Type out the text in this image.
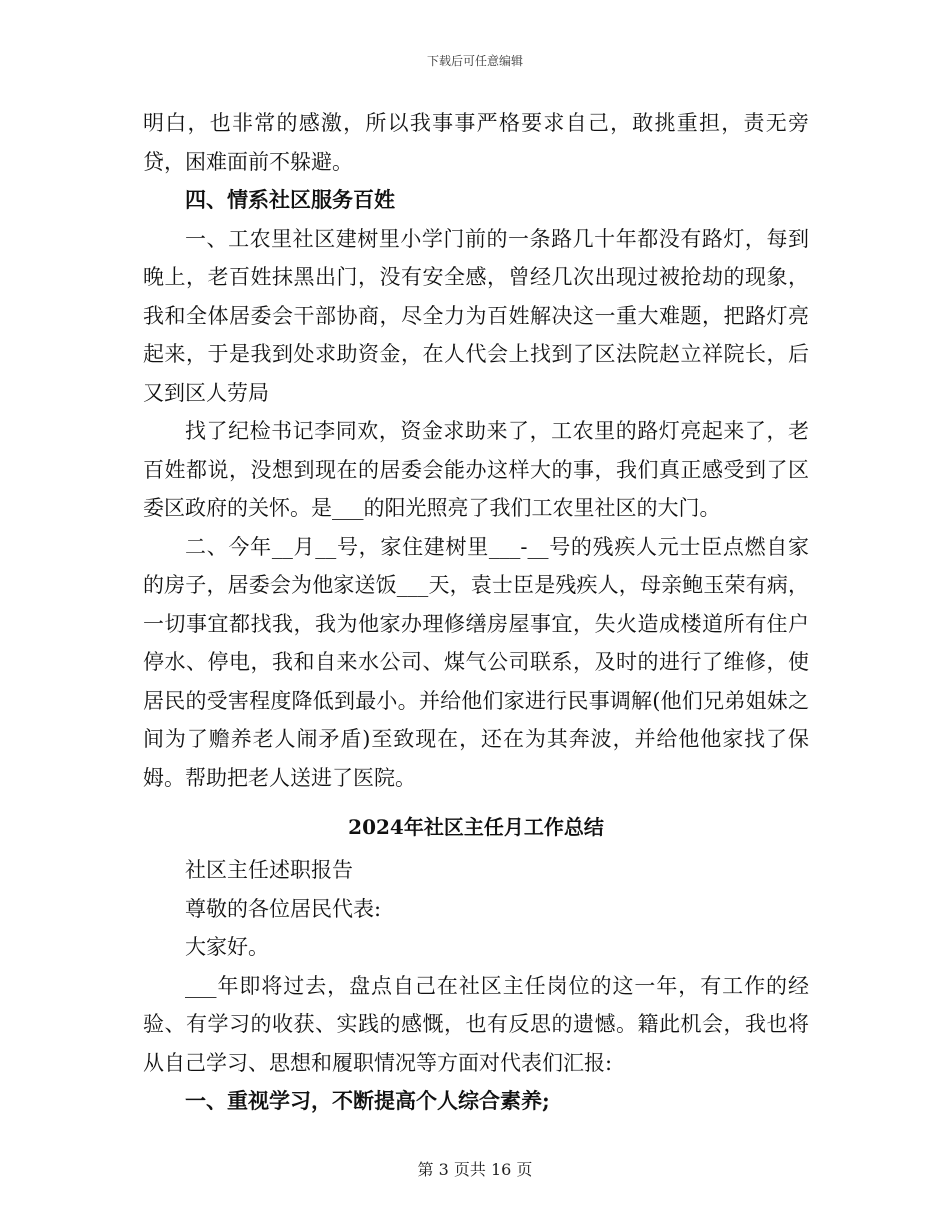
下载后可任意编辑

明白，也非常的感激，所以我事事严格要求自己，敢挑重担，责无旁贷，困难面前不躲避。

四、情系社区服务百姓

一、工农里社区建树里小学门前的一条路几十年都没有路灯，每到晚上，老百姓抹黑出门，没有安全感，曾经几次出现过被抢劫的现象，我和全体居委会干部协商，尽全力为百姓解决这一重大难题，把路灯亮起来，于是我到处求助资金，在人代会上找到了区法院赵立祥院长，后又到区人劳局

找了纪检书记李同欢，资金求助来了，工农里的路灯亮起来了，老百姓都说，没想到现在的居委会能办这样大的事，我们真正感受到了区委区政府的关怀。是___的阳光照亮了我们工农里社区的大门。

二、今年__月__号，家住建树里___-__号的残疾人元士臣点燃自家的房子，居委会为他家送饭___天，袁士臣是残疾人，母亲鲍玉荣有病，一切事宜都找我，我为他家办理修缮房屋事宜，失火造成楼道所有住户停水、停电，我和自来水公司、煤气公司联系，及时的进行了维修，使居民的受害程度降低到最小。并给他们家进行民事调解(他们兄弟姐妹之间为了赡养老人闹矛盾)至致现在，还在为其奔波，并给他他家找了保姆。帮助把老人送进了医院。

2024年社区主任月工作总结

社区主任述职报告

尊敬的各位居民代表:

大家好。

___年即将过去，盘点自己在社区主任岗位的这一年，有工作的经验、有学习的收获、实践的感慨，也有反思的遗憾。籍此机会，我也将从自己学习、思想和履职情况等方面对代表们汇报:

一、重视学习，不断提高个人综合素养;

第 3 页共 16 页
